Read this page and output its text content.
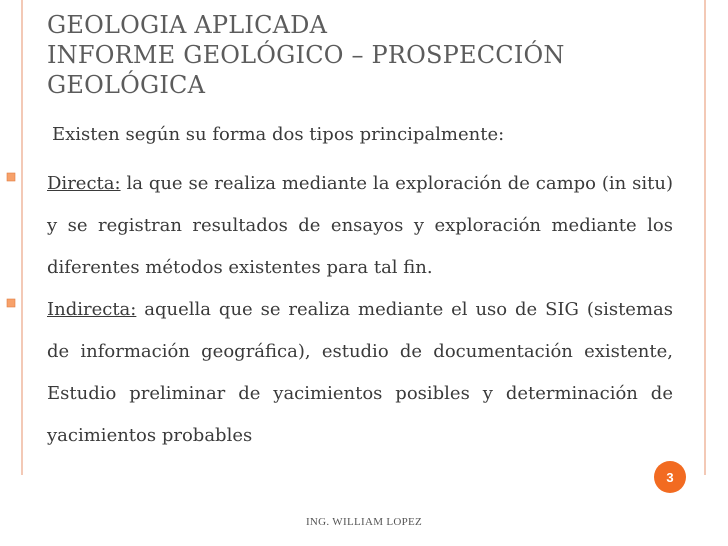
GEOLOGIA APLICADA
INFORME GEOLÓGICO – PROSPECCIÓN
GEOLÓGICA
Existen según su forma dos tipos principalmente:
Directa: la que se realiza mediante la exploración de campo (in situ) y se registran resultados de ensayos y exploración mediante los diferentes métodos existentes para tal fin.
Indirecta: aquella que se realiza mediante el uso de SIG (sistemas de información geográfica), estudio de documentación existente, Estudio preliminar de yacimientos posibles y determinación de yacimientos probables
3
ING. WILLIAM LOPEZ
